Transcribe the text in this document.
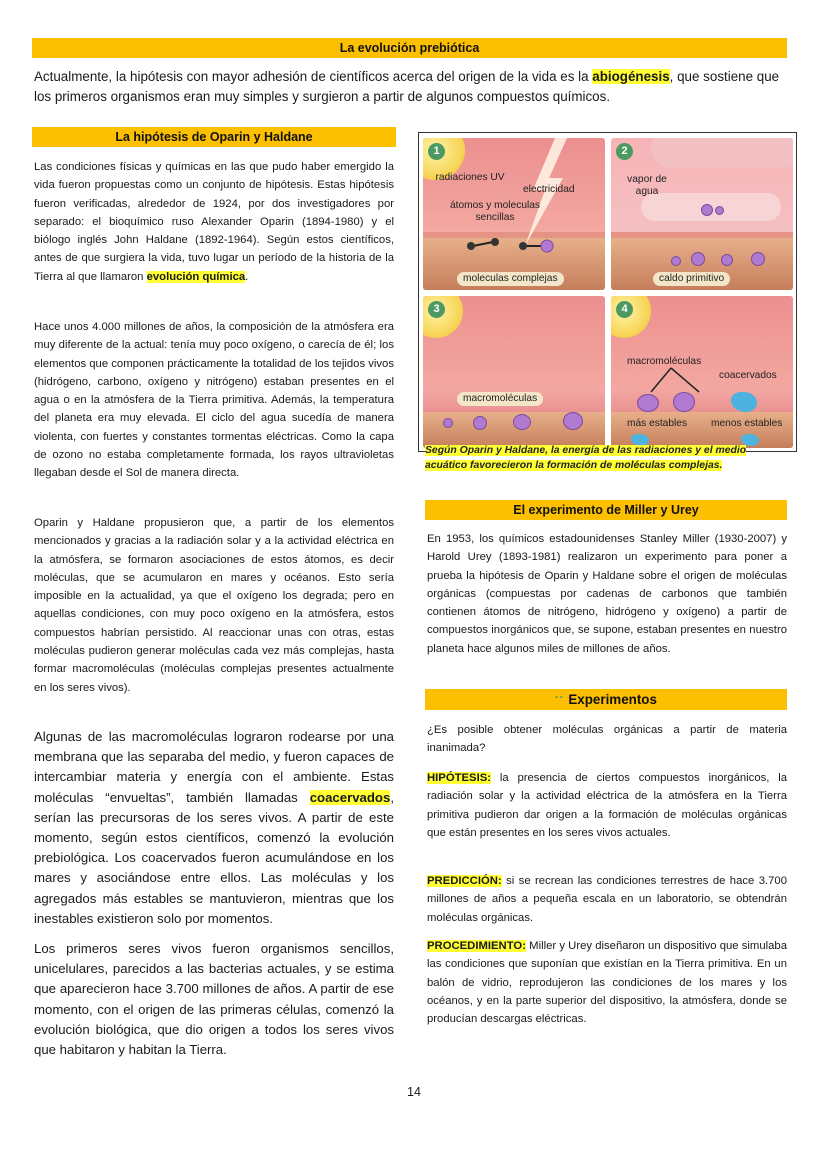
La evolución prebiótica

Actualmente, la hipótesis con mayor adhesión de científicos acerca del origen de la vida es la abiogénesis, que sostiene que los primeros organismos eran muy simples y surgieron a partir de algunos compuestos químicos.

La hipótesis de Oparin y Haldane

Las condiciones físicas y químicas en las que pudo haber emergido la vida fueron propuestas como un conjunto de hipótesis. Estas hipótesis fueron verificadas, alrededor de 1924, por dos investigadores por separado: el bioquímico ruso Alexander Oparin (1894-1980) y el biólogo inglés John Haldane (1892-1964). Según estos científicos, antes de que surgiera la vida, tuvo lugar un período de la historia de la Tierra al que llamaron evolución química.

Hace unos 4.000 millones de años, la composición de la atmósfera era muy diferente de la actual: tenía muy poco oxígeno, o carecía de él; los elementos que componen prácticamente la totalidad de los tejidos vivos (hidrógeno, carbono, oxígeno y nitrógeno) estaban presentes en el agua o en la atmósfera de la Tierra primitiva. Además, la temperatura del planeta era muy elevada. El ciclo del agua sucedía de manera violenta, con fuertes y constantes tormentas eléctricas. Como la capa de ozono no estaba completamente formada, los rayos ultravioletas llegaban desde el Sol de manera directa.

Oparin y Haldane propusieron que, a partir de los elementos mencionados y gracias a la radiación solar y a la actividad eléctrica en la atmósfera, se formaron asociaciones de estos átomos, es decir moléculas, que se acumularon en mares y océanos. Esto sería imposible en la actualidad, ya que el oxígeno los degrada; pero en aquellas condiciones, con muy poco oxígeno en la atmósfera, estos compuestos habrían persistido. Al reaccionar unas con otras, estas moléculas pudieron generar moléculas cada vez más complejas, hasta formar macromoléculas (moléculas complejas presentes actualmente en los seres vivos).

Algunas de las macromoléculas lograron rodearse por una membrana que las separaba del medio, y fueron capaces de intercambiar materia y energía con el ambiente. Estas moléculas “envueltas”, también llamadas coacervados, serían las precursoras de los seres vivos. A partir de este momento, según estos científicos, comenzó la evolución prebiológica. Los coacervados fueron acumulándose en los mares y asociándose entre ellos. Las moléculas y los agregados más estables se mantuvieron, mientras que los inestables existieron solo por momentos.

Los primeros seres vivos fueron organismos sencillos, unicelulares, parecidos a las bacterias actuales, y se estima que aparecieron hace 3.700 millones de años. A partir de ese momento, con el origen de las primeras células, comenzó la evolución biológica, que dio origen a todos los seres vivos que habitaron y habitan la Tierra.

1
radiaciones UV
electricidad
átomos y moleculas sencillas
moleculas complejas
2
vapor de agua
caldo primitivo
3
macromoléculas
4
macromoléculas
coacervados
más estables menos estables

Según Oparin y Haldane, la energía de las radiaciones y el medio acuático favorecieron la formación de moléculas complejas.

El experimento de Miller y Urey

En 1953, los químicos estadounidenses Stanley Miller (1930-2007) y Harold Urey (1893-1981) realizaron un experimento para poner a prueba la hipótesis de Oparin y Haldane sobre el origen de moléculas orgánicas (compuestas por cadenas de carbonos que también contienen átomos de nitrógeno, hidrógeno y oxígeno) a partir de compuestos inorgánicos que, se supone, estaban presentes en nuestro planeta hace algunos miles de millones de años.

·· Experimentos

¿Es posible obtener moléculas orgánicas a partir de materia inanimada?

HIPÓTESIS: la presencia de ciertos compuestos inorgánicos, la radiación solar y la actividad eléctrica de la atmósfera en la Tierra primitiva pudieron dar origen a la formación de moléculas orgánicas que están presentes en los seres vivos actuales.

PREDICCIÓN: si se recrean las condiciones terrestres de hace 3.700 millones de años a pequeña escala en un laboratorio, se obtendrán moléculas orgánicas.

PROCEDIMIENTO: Miller y Urey diseñaron un dispositivo que simulaba las condiciones que suponían que existían en la Tierra primitiva. En un balón de vidrio, reprodujeron las condiciones de los mares y los océanos, y en la parte superior del dispositivo, la atmósfera, donde se producían descargas eléctricas.

14
